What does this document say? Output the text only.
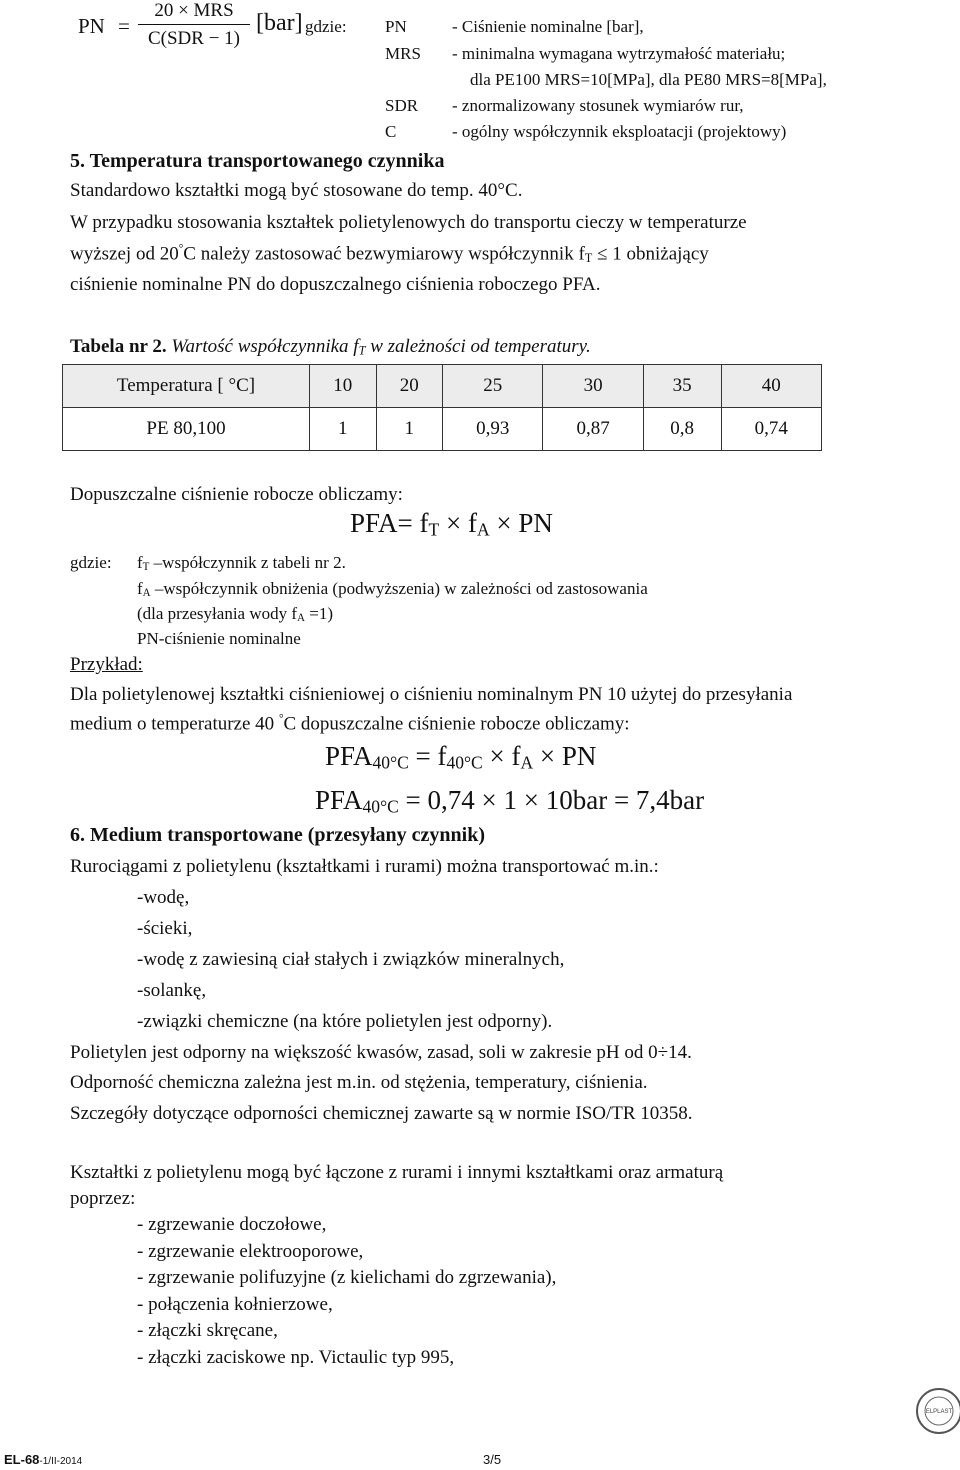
PN =
20 × MRS
C(SDR − 1)
[bar] gdzie: PN	- Ciśnienie nominalne [bar],
MRS - minimalna wymagana wytrzymałość materiału;
dla PE100 MRS=10[MPa], dla PE80 MRS=8[MPa],
SDR - znormalizowany stosunek wymiarów rur,
C	- ogólny współczynnik eksploatacji (projektowy)
5. Temperatura transportowanego czynnika
Standardowo kształtki mogą być stosowane do temp. 40°C.
W przypadku stosowania kształtek polietylenowych do transportu cieczy w temperaturze
wyższej od 20°C należy zastosować bezwymiarowy współczynnik $f_T \le 1$ obniżający
ciśnienie nominalne PN do dopuszczalnego ciśnienia roboczego PFA.
Tabela nr 2. Wartość współczynnika $f_T$ w zależności od temperatury.
Temperatura [ °C]	10	20	25	30	35	40
PE 80,100	1	1	0,93	0,87	0,8	0,74
Dopuszczalne ciśnienie robocze obliczamy:
$PFA= f_T \times f_A$ × PN
gdzie: $f_T$ –współczynnik z tabeli nr 2.
$f_A$ –współczynnik obniżenia (podwyższenia) w zależności od zastosowania
(dla przesyłania wody $f_A =1$)
PN-ciśnienie nominalne
Przykład:
Dla polietylenowej kształtki ciśnieniowej o ciśnieniu nominalnym PN 10 użytej do przesyłania
medium o temperaturze 40 °C dopuszczalne ciśnienie robocze obliczamy:
$PFA_{40^\circ C} = f_{40^\circ C} \times f_A$ × PN
$PFA_{40^\circ C} = 0,74 \times 1 \times 10bar = 7,4bar$
6. Medium transportowane (przesyłany czynnik)
Rurociągami z polietylenu (kształtkami i rurami) można transportować m.in.:
-wodę,
-ścieki,
-wodę z zawiesiną ciał stałych i związków mineralnych,
-solankę,
-związki chemiczne (na które polietylen jest odporny).
Polietylen jest odporny na większość kwasów, zasad, soli w zakresie pH od 0÷14.
Odporność chemiczna zależna jest m.in. od stężenia, temperatury, ciśnienia.
Szczegóły dotyczące odporności chemicznej zawarte są w normie ISO/TR 10358.
Kształtki z polietylenu mogą być łączone z rurami i innymi kształtkami oraz armaturą
poprzez:
- zgrzewanie doczołowe,
- zgrzewanie elektrooporowe,
- zgrzewanie polifuzyjne (z kielichami do zgrzewania),
- połączenia kołnierzowe,
- złączki skręcane,
- złączki zaciskowe np. Victaulic typ 995,
ELPLAST
EL-68-1/II-2014	3/5
